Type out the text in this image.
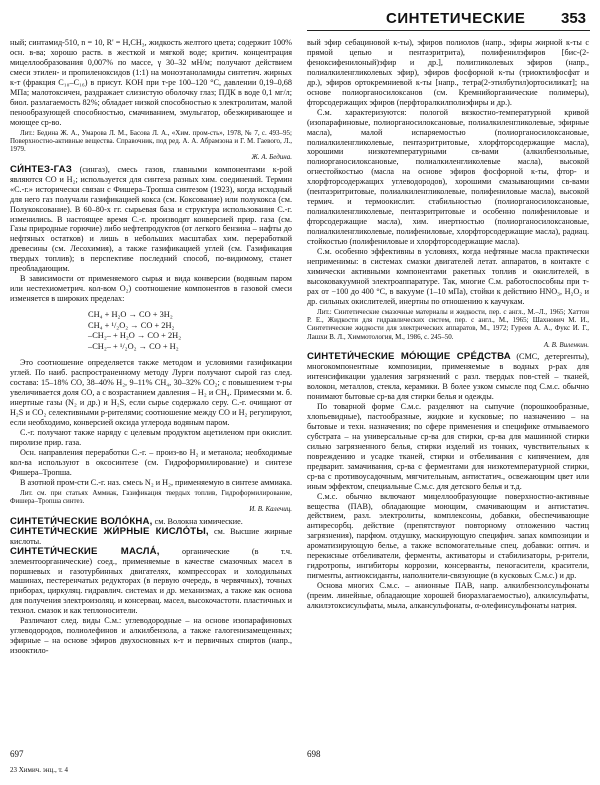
СИНТЕТИЧЕСКИЕ 353

ный; синтамид-510, n = 10, R' = H,CH₃, жидкость желтого цвета; содержит 100% осн. в-ва; хорошо раств. в жесткой и мягкой воде; критич. концентрация мицеллообразования 0,007% по массе, γ 30–32 мН/м; получают действием смеси этилен- и пропиленоксидов (1:1) на моноэтаноламиды синтетич. жирных к-т (фракция C₁₀–C₁₆) в присут. KOH при т-ре 100–120 °C, давлении 0,19–0,68 МПа; малотоксичен, раздражает слизистую оболочку глаз; ПДК в воде 0,1 мг/л; биол. разлагаемость 82%; обладает низкой способностью к электролитам, малой пенообразующей способностью, смачиванием, эмульгатор, обезжиривающее и моющее ср-во.

Лит.: Бедина Ж. А., Умарова Л. М., Басова Л. А., «Хим. пром-сть», 1978, № 7, с. 493–95; Поверхностно-активные вещества. Справочник, под ред. А. А. Абрамзона и Г. М. Гаевого, Л., 1979.
Ж. А. Бедина.

СИ́НТЕЗ-ГАЗ (сингаз), смесь газов, главными компонентами к-рой являются CO и H₂; используется для синтеза разных хим. соединений. Термин «С.-г.» исторически связан с Фишера–Тропша синтезом (1923), когда исходный для него газ получали газификацией кокса (см. Коксование) или полукокса (см. Полукоксование). В 60–80-х гг. сырьевая база и структура использования С.-г. изменились. В настоящее время С.-г. производят конверсией прир. газа (см. Газы природные горючие) либо нефтепродуктов (от легкого бензина – нафты до нефтяных остатков) и лишь в небольших масштабах хим. переработкой древесины (см. Лесохимия), а также газификацией углей (см. Газификация твердых топлив); в перспективе последний способ, по-видимому, станет преобладающим.

В зависимости от применяемого сырья и вида конверсии (водяным паром или нестехиометрич. кол-вом O₂) соотношение компонентов в газовой смеси изменяется в широких пределах:

CH₄ + H₂O → CO + 3H₂
CH₄ + ¹/₂O₂ → CO + 2H₂
–CH₂– + H₂O → CO + 2H₂
–CH₂– + ¹/₂O₂ → CO + H₂

Это соотношение определяется также методом и условиями газификации углей. По наиб. распространенному методу Лурги получают сырой газ след. состава: 15–18% CO, 38–40% H₂, 9–11% CH₄, 30–32% CO₂; с повышением т-ры увеличивается доля CO, а с возрастанием давления – H₂ и CH₄. Примесями м. б. инертные газы (N₂ и др.) и H₂S, если сырье содержало серу. С.-г. очищают от H₂S и CO₂ селективными р-рителями; соотношение между CO и H₂ регулируют, если необходимо, конверсией оксида углерода водяным паром.

С.-г. получают также наряду с целевым продуктом ацетиленом при окислит. пиролизе прир. газа.

Осн. направления переработки С.-г. – произ-во H₂ и метанола; необходимые кол-ва используют в оксосинтезе (см. Гидроформилирование) и синтезе Фишера–Тропша.

В азотной пром-сти С.-г. наз. смесь N₂ и H₂, применяемую в синтезе аммиака.

Лит. см. при статьях Аммиак, Газификация твердых топлив, Гидроформилирование, Фишера–Тропша синтез.
И. В. Калечиц.

СИНТЕТИ́ЧЕСКИЕ ВОЛО́КНА, см. Волокна химические.

СИНТЕТИ́ЧЕСКИЕ ЖИ́РНЫЕ КИСЛО́ТЫ, см. Высшие жирные кислоты.

СИНТЕТИ́ЧЕСКИЕ МАСЛА́,	органические (в т.ч. элементоорганические) соед., применяемые в качестве смазочных масел в поршневых и газотурбинных двигателях, компрессорах и холодильных машинах, пестеренчатых редукторах (в первую очередь, в червячных), точных приборах, циркуляц. гидравлич. системах и др. механизмах, а также как основа для получения электроизоляц. и консервац. масел, высокочаcтотн. пластичных и технол. смазок и как теплоносители.

Различают след. виды С.м.: углеводородные – на основе изопарафиновых углеводородов, полиолефинов и алкилбензола, а также галогенизамещенных; эфирные – на основе эфиров двухосновных к-т и первичных спиртов (напр., изооктило-

вый эфир себациновой к-ты), эфиров полиолов (напр., эфиры жирной к-ты с прямой цепью и пентаэритрита), полифенилэфиров [бис-(2-феноксифенилоный)эфир и др.], полигликолевых эфиров (напр., полиалкиленгликолевых эфир), эфиров фосфорной к-ты (триоктилфосфат и др.), эфиров ортокремниевой к-ты [напр., тетра(2-этилбутил)ортосиликат]; на основе полиорганосилоксанов (см. Кремнийорганические полимеры), фторсодержащих эфиров (перфторалкилполиэфиры и др.).

С.м. характеризуются: пологой вязкостно-температурной кривой (изопарафиновые, полиорганосилоксановые, полиалкиленгликолевые, эфирные масла), малой испаряемостью (полиорганосилоксановые, полиалкиленгликолевые, пентаэритритовые, хлорфторсодержащие масла), хорошими низкотемпературными св-вами (алкилбензольные, полиорганосилоксановые, полиалкиленгликолевые масла), высокой огнестойкостью (масла на основе эфиров фосфорной к-ты, фтор- и хлорфторсодержащих углеводородов), хорошими смазывающими св-вами (пентаэритритовые, полиалкиленгликолевые, полифениловые масла), высокой термич. и термоокислит. стабильностью (полиорганосилоксановые, полиалкиленгликолевые, пентаэритритовые и особенно полифениловые и фторсодержащие масла), хим. инертностью (полиорганосилоксановые, полиалкиленгликолевые, полифениловые, хлорфторсодержащие масла), радиац. стойкостью (полифениловые и хлорфторсодержащие масла).

С.м. особенно эффективны в условиях, когда нефтяные масла практически неприменимы: в системах смазки двигателей летат. аппаратов, в контакте с химически активными компонентами ракетных топлив и окислителей, в высоковакуумной электроаппаратуре. Так, многие С.м. работоспособны при т-рах от −100 до 400 °C, в вакууме (1–10 мПа), стойки к действию HNO₃, H₂O₂ и др. сильных окислителей, инертны по отношению к каучукам.

Лит.: Синтетические смазочные материалы и жидкости, пер. с англ., М.–Л., 1965; Хаттон Р. Е., Жидкости для гидравлических систем, пер. с англ., М., 1965; Шахнович М. И., Синтетические жидкости для электрических аппаратов, М., 1972; Гуреев А. А., Фукс И. Г., Лашхи В. Л., Химмотология, М., 1986, с. 245–50.
А. В. Виленкин.

СИНТЕТИ́ЧЕСКИЕ МО́ЮЩИЕ СРЕ́ДСТВА (СМС, детергенты), многокомпонентные композиции, применяемые в водных р-рах для интенсификации удаления загрязнений с разл. твердых пов-стей – тканей, волокон, металлов, стекла, керамики. В более узком смысле под С.м.с. обычно понимают бытовые ср-ва для стирки белья и одежды.

По товарной форме С.м.с. разделяют на сыпучие (порошкообразные, хлопьевидные), пастообразные, жидкие и кусковые; по назначению – на бытовые и техн. назначения; по сфере применения и специфике отмываемого субстрата – на универсальные ср-ва для стирки, ср-ва для машинной стирки сильно загрязненного белья, стирки изделий из тонких, чувствительных к повреждению и усадке тканей, стирки и отбеливания с кипячением, для предварит. замачивания, ср-ва с ферментами для низкотемпературной стирки, ср-ва с противоусадочным, мягчительным, антистатич., освежающим цвет или иным эффектом, специальные С.м.с. для детского белья и т.д.

С.м.с. обычно включают мицеллообразующие поверхностно-активные вещества (ПАВ), обладающие моющим, смачивающим и антистатич. действием, разл. электролиты, комплексоны, добавки, обеспечивающие антиресорбц. действие (препятствуют повторному отложению частиц загрязнения), парфюм. отдушку, маскирующую специфич. запах композиции и ароматизирующую белье, а также вспомогательные спец. добавки: оптич. и перекисные отбеливатели, ферменты, активаторы и стабилизаторы, р-рители, гидротропы, ингибиторы коррозии, консерванты, пеногасители, красители, пигменты, антиоксиданты, наполнители-связующие (в кусковых С.м.с.) и др.

Основа многих С.м.с. – анионные ПАВ, напр. алкилбензолсульфонаты (преим. линейные, обладающие хорошей биоразлагаемостью), алкилсульфаты, алкилэтоксисульфаты, мыла, алкансульфонаты, α-олефинсульфонаты натрия.

697
23 Химич. энц., т. 4
698
